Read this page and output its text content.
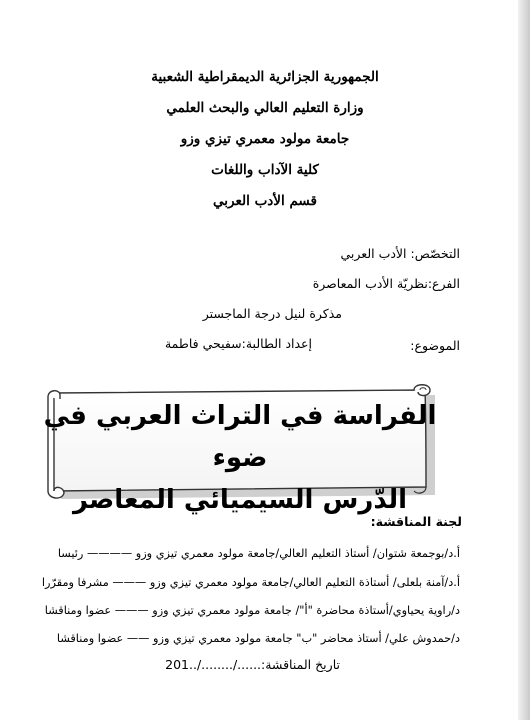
الجمهورية الجزائرية الديمقراطية الشعبية
وزارة التعليم العالي والبحث العلمي
جامعة مولود معمري تيزي وزو
كلية الآداب واللغات
قسم الأدب العربي
التخصّص: الأدب العربي
الفرع:نظريّة الأدب المعاصرة
مذكرة لنيل درجة الماجستر
الموضوع:
إعداد الطالبة:سفيحي فاطمة
الفراسة في التراث العربي في ضوء
الدّرس السيميائي المعاصر
لجنة المناقشة:
أ.د/بوجمعة شتوان/ أستاذ التعليم العالي/جامعة مولود معمري تيزي وزو ———— رئيسا
أ.د/آمنة بلعلى/ أستاذة التعليم العالي/جامعة مولود معمري تيزي وزو ——— مشرفا ومقرّرا
د/راوية يحياوي/أستاذة محاضرة "أ"/ جامعة مولود معمري تيزي وزو ——— عضوا ومناقشا
د/حمدوش علي/ أستاذ محاضر "ب" جامعة مولود معمري تيزي وزو —— عضوا ومناقشا
تاريخ المناقشة:....../......../..201
